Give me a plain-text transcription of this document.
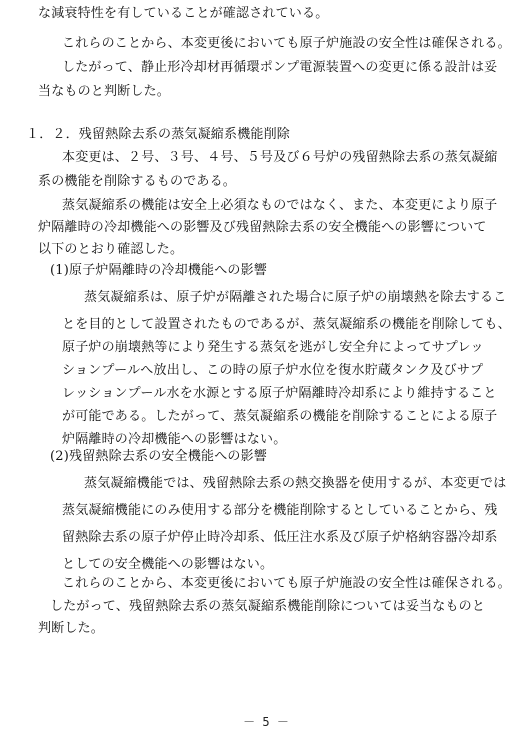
な減衰特性を有していることが確認されている。
これらのことから、本変更後においても原子炉施設の安全性は確保される。
したがって、静止形冷却材再循環ポンプ電源装置への変更に係る設計は妥
当なものと判断した。
１．２．残留熱除去系の蒸気凝縮系機能削除
本変更は、２号、３号、４号、５号及び６号炉の残留熱除去系の蒸気凝縮
系の機能を削除するものである。
蒸気凝縮系の機能は安全上必須なものではなく、また、本変更により原子
炉隔離時の冷却機能への影響及び残留熱除去系の安全機能への影響について
以下のとおり確認した。
(1)原子炉隔離時の冷却機能への影響
蒸気凝縮系は、原子炉が隔離された場合に原子炉の崩壊熱を除去するこ
とを目的として設置されたものであるが、蒸気凝縮系の機能を削除しても、
原子炉の崩壊熱等により発生する蒸気を逃がし安全弁によってサプレッ
ションプールへ放出し、この時の原子炉水位を復水貯蔵タンク及びサプ
レッションプール水を水源とする原子炉隔離時冷却系により維持すること
が可能である。したがって、蒸気凝縮系の機能を削除することによる原子
炉隔離時の冷却機能への影響はない。
(2)残留熱除去系の安全機能への影響
蒸気凝縮機能では、残留熱除去系の熱交換器を使用するが、本変更では
蒸気凝縮機能にのみ使用する部分を機能削除するとしていることから、残
留熱除去系の原子炉停止時冷却系、低圧注水系及び原子炉格納容器冷却系
としての安全機能への影響はない。
－ 5 －
これらのことから、本変更後においても原子炉施設の安全性は確保される。
したがって、残留熱除去系の蒸気凝縮系機能削除については妥当なものと
判断した。
